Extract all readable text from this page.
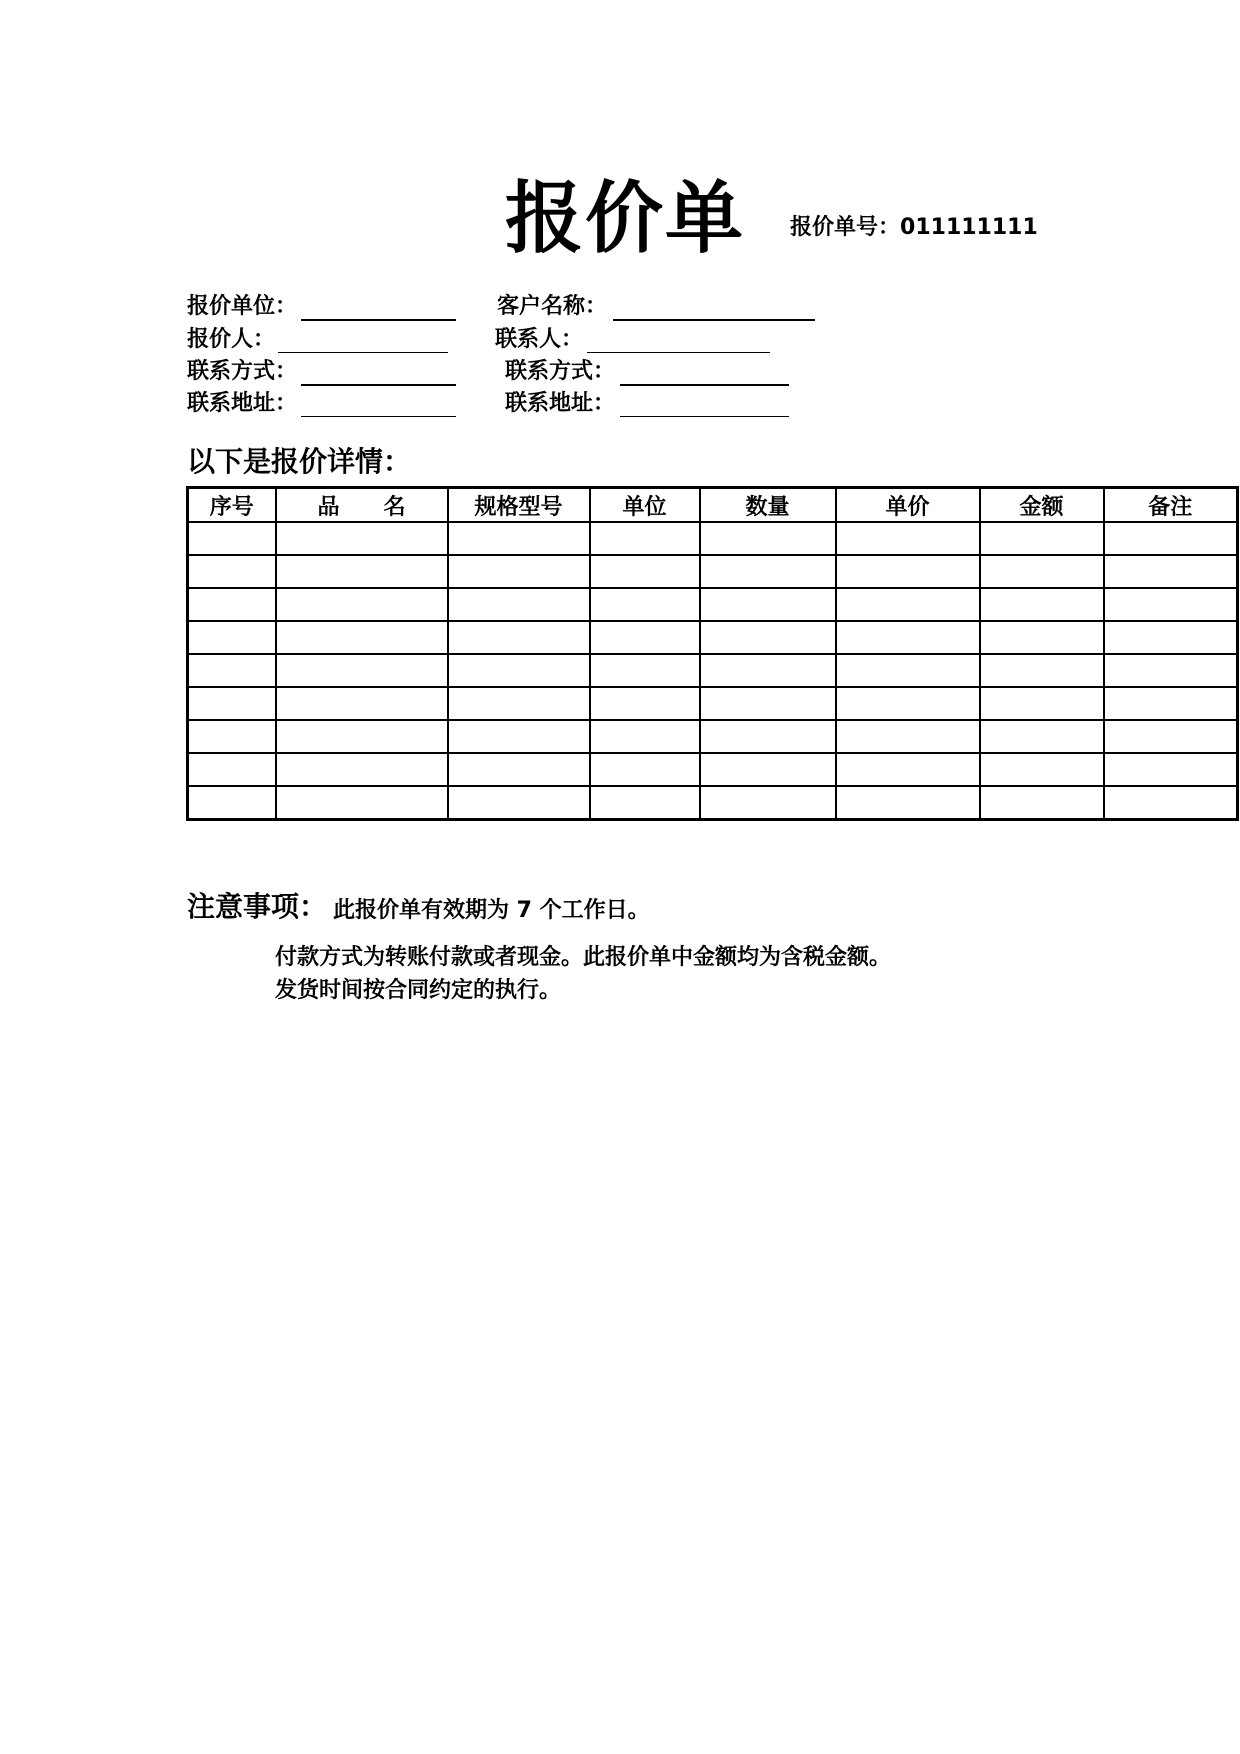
报价单 报价单号：011111111
报价单位：	客户名称：
报价人：	联系人：
联系方式：	联系方式：
联系地址：	联系地址：
以下是报价详情：
序号	品　　名	规格型号	单位	数量	单价	金额	备注

注意事项： 此报价单有效期为 7 个工作日。
付款方式为转账付款或者现金。此报价单中金额均为含税金额。
发货时间按合同约定的执行。
